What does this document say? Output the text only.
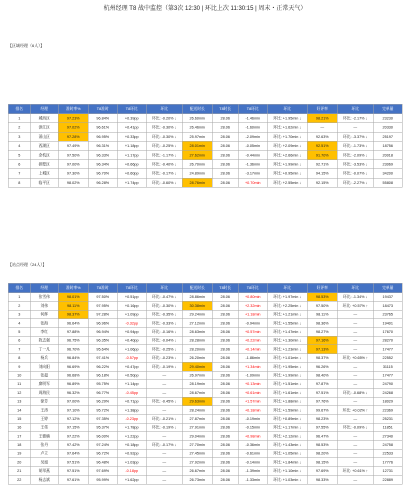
杭州经理 T8 战中监控（第3次 12:30 | 环比上次 11:30:15 | 周末・正常天气）
【区域经理（6人）】
排名	经理	准时率%	T8准时	T8环比	环比	配送时长	T8时长	T8环比	环比	好评率	环比	完单量
1	城西区	97.23%	96.84%	+0.39pp	环比: -0.20% ↓	26.60min	28.06	-1.46min	环比: +1.95min ↓	98.21%	环比: -2.17% ↓	23230
2	滨江区	97.02%	96.61%	+0.41pp	环比: -0.30% ↓	26.46min	28.06	-1.60min	环比: +1.62min ↓	—	—	20330
3	萧山区	97.28%	96.95%	+0.33pp	环比: -0.30% ↓	25.97min	28.06	-2.09min	环比: +1.70min ↓	92.63%	环比: -3.37% ↓	25197
4	西湖区	97.49%	96.31%	+1.18pp	环比: -0.25% ↓	28.01min	28.06	-0.05min	环比: +2.09min ↓	92.51%	环比: -1.73% ↓	18756
5	余杭区	97.50%	96.33%	+1.17pp	环比: -1.17% ↓	27.62min	28.06	-0.44min	环比: +2.66min ↓	91.70%	环比: -2.09% ↓	20018
6	拱墅区	97.00%	96.34%	+0.66pp	环比: -0.40% ↓	26.70min	28.06	-1.36min	环比: +1.99min ↓	92.71%	环比: -3.53% ↓	23069
7	上城区	97.30%	96.70%	+0.60pp	环比: -0.17% ↓	24.89min	28.06	-3.17min	环比: +0.95min ↓	94.15%	环比: -0.07% ↓	34200
8	临平区	98.02%	96.28%	+1.74pp	环比: -0.60% ↓	28.76min	28.06	+0.70min	环比: +2.55min ↓	92.15%	环比: -2.27% ↓	55808
【站点经理（24人）】
排名	经理	准时率%	T8准时	T8环比	环比	配送时长	T8时长	T8环比	环比	好评率	环比	完单量
1	张雪伟	98.01%	97.50%	+0.51pp	环比: -0.47% ↓	28.86min	28.06	+0.80min	环比: +1.97min ↓	98.53%	环比: -1.34% ↓	19437
2	刘伟	98.11%	97.95%	+0.16pp	环比: -0.30% ↓	30.38min	28.06	+2.32min	环比: +2.25min ↓	97.50%	环比: +0.57% ↑	18473
3	何辉	98.37%	97.28%	+1.09pp	环比: -0.35% ↓	29.24min	28.06	+1.18min	环比: +1.21min ↓	98.11%	—	23765
4	张海	96.64%	96.96%	-0.32pp	环比: -0.33% ↓	27.12min	28.06	-0.94min	环比: +1.55min ↓	98.36%	—	19401
5	李红	97.88%	96.94%	+0.94pp	环比: -0.16% ↓	28.63min	28.06	+0.57min	环比: +1.47min ↓	98.27%	—	17670
6	陈志强	96.75%	96.35%	+0.40pp	环比: -0.04% ↓	28.28min	28.06	+0.22min	环比: +1.30min ↓	97.16%	—	28270
7	丁一凡	96.70%	95.64%	+1.06pp	环比: -0.25% ↓	28.20min	28.06	+0.14min	环比: +1.23min ↓	97.13%	—	17477
8	杨兵	96.84%	97.41%	-0.57pp	环比: -0.23% ↓	26.20min	28.06	-1.86min	环比: +1.01min ↓	98.37%	环比: +0.65% ↑	22552
9	刘向阳	96.69%	96.22%	+0.47pp	环比: -0.19% ↓	29.40min	28.06	+1.34min	环比: +1.95min ↓	96.26%	—	31115
10	张超	96.68%	96.18%	+0.50pp	—	26.97min	28.06	-1.09min	环比: +1.99min ↓	98.40%	—	17477
11	廖明军	96.89%	95.75%	+1.14pp	—	28.19min	28.06	+0.13min	环比: +1.51min ↓	97.87%	—	24790
12	周海民	96.32%	96.77%	-0.45pp	—	28.67min	28.06	+0.61min	环比: +1.61min ↓	97.51%	环比: -0.68% ↓	24268
13	徐芳	97.00%	96.29%	+0.71pp	环比: -0.45% ↓	29.63min	28.06	+1.57min	环比: +1.88min ↓	97.76%	—	18029
14	王涛	97.10%	95.72%	+1.38pp	—	28.24min	28.06	+0.18min	环比: +1.59min ↓	99.67%	环比: +0.02% ↑	22369
15	王婷	97.12%	97.35%	-0.23pp	环比: -0.21% ↓	27.87min	28.06	-0.19min	环比: +0.89min ↓	98.23%	—	25231
16	王伟	97.15%	95.37%	+1.78pp	环比: -0.19% ↓	27.91min	28.06	-0.15min	环比: +1.17min ↓	97.55%	环比: -0.09% ↓	11851
17	王雅楠	97.22%	96.00%	+1.22pp	—	29.04min	28.06	+0.98min	环比: +2.12min ↓	96.47%	—	27340
18	张丹	97.42%	97.24%	+0.18pp	环比: -0.17% ↓	27.70min	28.06	-0.36min	环比: +1.43min ↓	98.53%	—	24758
19	卢立	97.64%	96.72%	+0.92pp	—	27.45min	28.06	-0.61min	环比: +1.05min ↓	98.20%	—	22533
20	吴旭	97.51%	96.48%	+1.03pp	—	27.92min	28.06	-0.14min	环比: +1.84min ↓	98.15%	—	17776
21	胡翠燕	97.51%	97.69%	-0.18pp	—	26.67min	28.06	-1.39min	环比: +1.10min ↓	97.69%	环比: +0.61% ↑	12731
22	杨志斌	97.61%	95.99%	+1.62pp	—	26.73min	28.06	-1.33min	环比: +1.03min ↓	98.33%	—	22889
